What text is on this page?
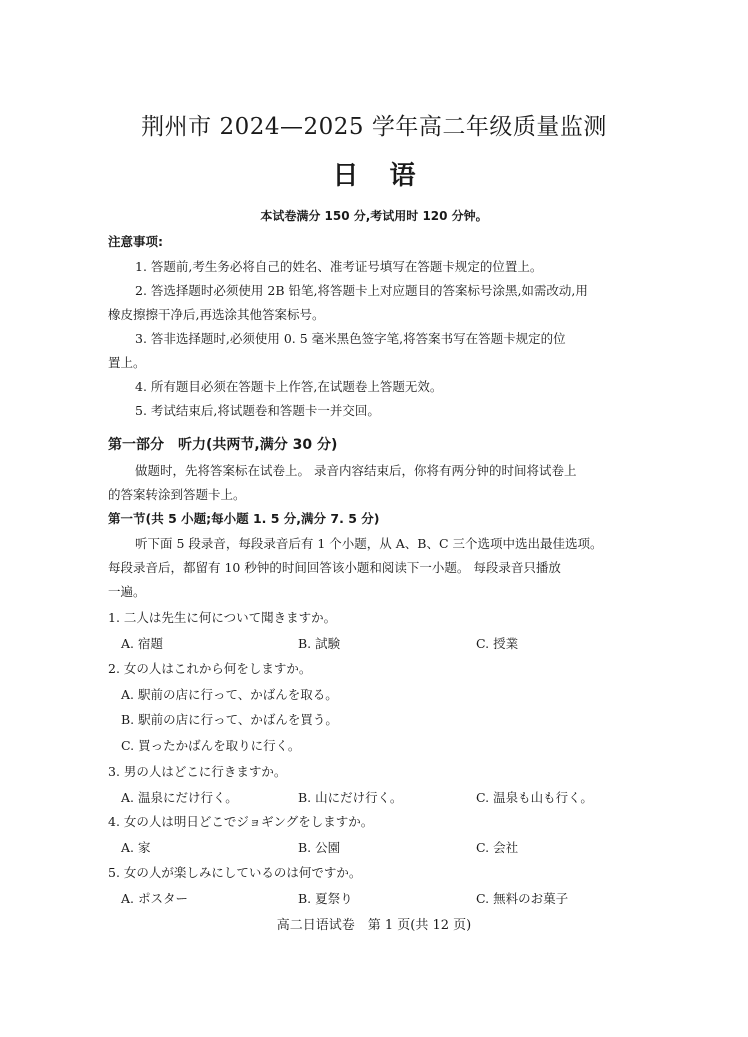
荆州市 2024—2025 学年高二年级质量监测
日 语
本试卷满分 150 分,考试用时 120 分钟。
注意事项:
1. 答题前,考生务必将自己的姓名、准考证号填写在答题卡规定的位置上。
2. 答选择题时必须使用 2B 铅笔,将答题卡上对应题目的答案标号涂黑,如需改动,用
橡皮擦擦干净后,再选涂其他答案标号。
3. 答非选择题时,必须使用 0. 5 毫米黑色签字笔,将答案书写在答题卡规定的位
置上。
4. 所有题目必须在答题卡上作答,在试题卷上答题无效。
5. 考试结束后,将试题卷和答题卡一并交回。
第一部分　听力(共两节,满分 30 分)
做题时，先将答案标在试卷上。 录音内容结束后，你将有两分钟的时间将试卷上
的答案转涂到答题卡上。
第一节(共 5 小题;每小题 1. 5 分,满分 7. 5 分)
听下面 5 段录音，每段录音后有 1 个小题，从 A、B、C 三个选项中选出最佳选项。
每段录音后，都留有 10 秒钟的时间回答该小题和阅读下一小题。 每段录音只播放
一遍。
1. 二人は先生に何について聞きますか。
A. 宿題	B. 試験	C. 授業
2. 女の人はこれから何をしますか。
A. 駅前の店に行って、かばんを取る。
B. 駅前の店に行って、かばんを買う。
C. 買ったかばんを取りに行く。
3. 男の人はどこに行きますか。
A. 温泉にだけ行く。	B. 山にだけ行く。	C. 温泉も山も行く。
4. 女の人は明日どこでジョギングをしますか。
A. 家	B. 公園	C. 会社
5. 女の人が楽しみにしているのは何ですか。
A. ポスター	B. 夏祭り	C. 無料のお菓子
高二日语试卷　第 1 页(共 12 页)
